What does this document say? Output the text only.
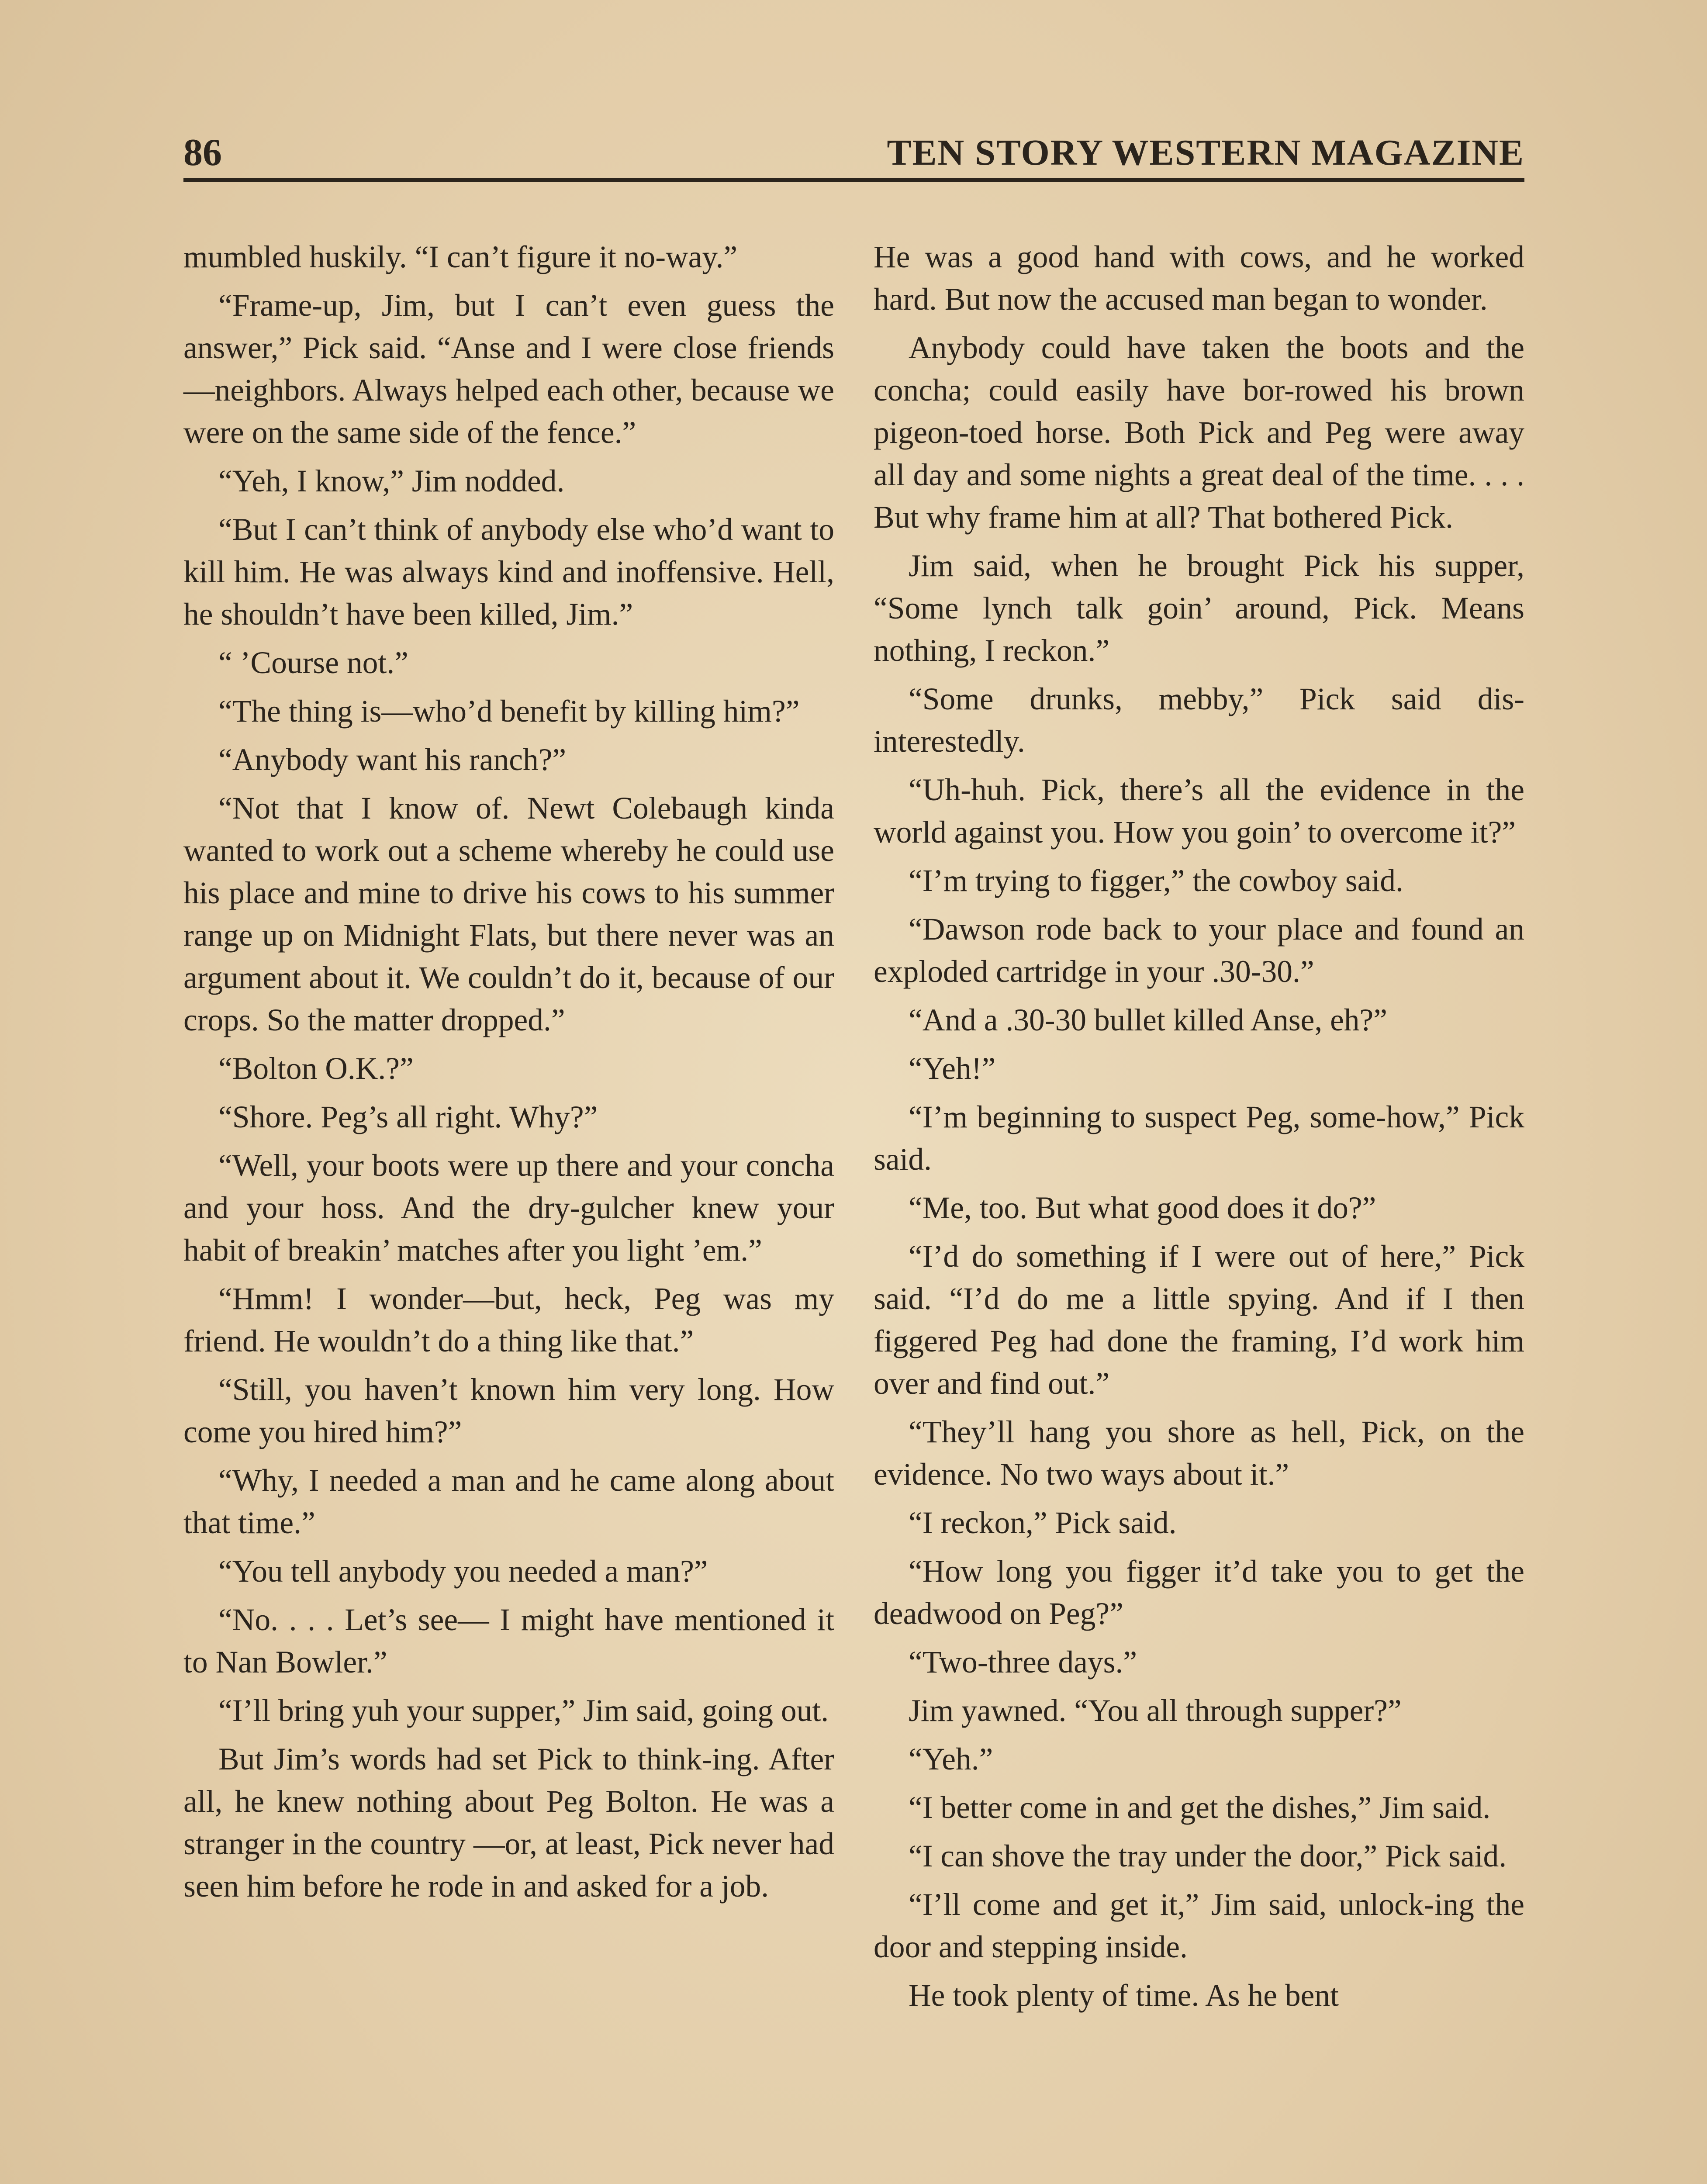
86	TEN STORY WESTERN MAGAZINE

mumbled huskily. “I can’t figure it no-way.”

“Frame-up, Jim, but I can’t even guess the answer,” Pick said. “Anse and I were close friends—neighbors. Always helped each other, because we were on the same side of the fence.”

“Yeh, I know,” Jim nodded.

“But I can’t think of anybody else who’d want to kill him. He was always kind and inoffensive. Hell, he shouldn’t have been killed, Jim.”

“ ’Course not.”

“The thing is—who’d benefit by killing him?”

“Anybody want his ranch?”

“Not that I know of. Newt Colebaugh kinda wanted to work out a scheme whereby he could use his place and mine to drive his cows to his summer range up on Midnight Flats, but there never was an argument about it. We couldn’t do it, because of our crops. So the matter dropped.”

“Bolton O.K.?”

“Shore. Peg’s all right. Why?”

“Well, your boots were up there and your concha and your hoss. And the dry-gulcher knew your habit of breakin’ matches after you light ’em.”

“Hmm! I wonder—but, heck, Peg was my friend. He wouldn’t do a thing like that.”

“Still, you haven’t known him very long. How come you hired him?”

“Why, I needed a man and he came along about that time.”

“You tell anybody you needed a man?”

“No. . . . Let’s see— I might have mentioned it to Nan Bowler.”

“I’ll bring yuh your supper,” Jim said, going out.

But Jim’s words had set Pick to think-ing. After all, he knew nothing about Peg Bolton. He was a stranger in the country —or, at least, Pick never had seen him before he rode in and asked for a job.

He was a good hand with cows, and he worked hard. But now the accused man began to wonder.

Anybody could have taken the boots and the concha; could easily have bor-rowed his brown pigeon-toed horse. Both Pick and Peg were away all day and some nights a great deal of the time. . . . But why frame him at all? That bothered Pick.

Jim said, when he brought Pick his supper, “Some lynch talk goin’ around, Pick. Means nothing, I reckon.”

“Some drunks, mebby,” Pick said dis-interestedly.

“Uh-huh. Pick, there’s all the evidence in the world against you. How you goin’ to overcome it?”

“I’m trying to figger,” the cowboy said.

“Dawson rode back to your place and found an exploded cartridge in your .30-30.”

“And a .30-30 bullet killed Anse, eh?”

“Yeh!”

“I’m beginning to suspect Peg, some-how,” Pick said.

“Me, too. But what good does it do?”

“I’d do something if I were out of here,” Pick said. “I’d do me a little spying. And if I then figgered Peg had done the framing, I’d work him over and find out.”

“They’ll hang you shore as hell, Pick, on the evidence. No two ways about it.”

“I reckon,” Pick said.

“How long you figger it’d take you to get the deadwood on Peg?”

“Two-three days.”

Jim yawned. “You all through supper?”

“Yeh.”

“I better come in and get the dishes,” Jim said.

“I can shove the tray under the door,” Pick said.

“I’ll come and get it,” Jim said, unlock-ing the door and stepping inside.

He took plenty of time. As he bent
